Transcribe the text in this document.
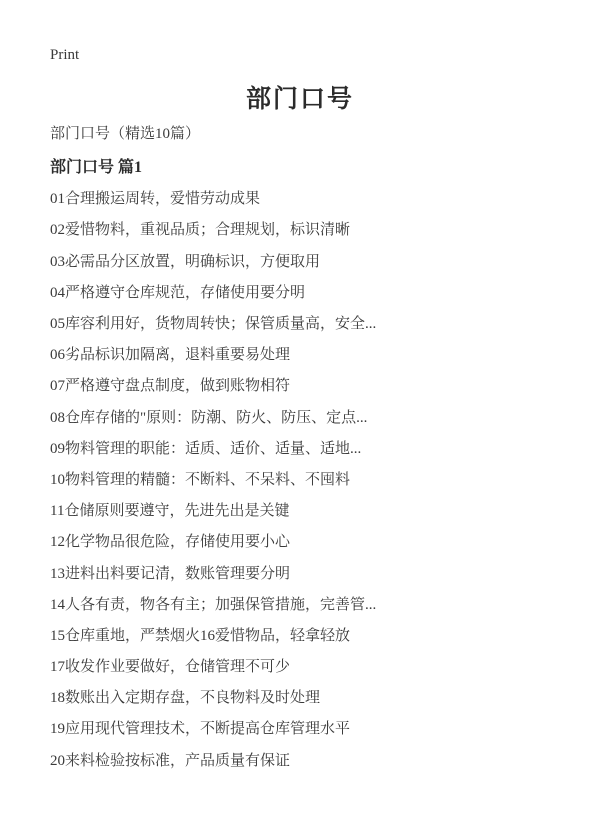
Print
部门口号
部门口号（精选10篇）
部门口号 篇1
01合理搬运周转，爱惜劳动成果
02爱惜物料，重视品质；合理规划，标识清晰
03必需品分区放置，明确标识，方便取用
04严格遵守仓库规范，存储使用要分明
05库容利用好，货物周转快；保管质量高，安全...
06劣品标识加隔离，退料重要易处理
07严格遵守盘点制度，做到账物相符
08仓库存储的"原则：防潮、防火、防压、定点...
09物料管理的职能：适质、适价、适量、适地...
10物料管理的精髓：不断料、不呆料、不囤料
11仓储原则要遵守，先进先出是关键
12化学物品很危险，存储使用要小心
13进料出料要记清，数账管理要分明
14人各有责，物各有主；加强保管措施，完善管...
15仓库重地，严禁烟火16爱惜物品，轻拿轻放
17收发作业要做好，仓储管理不可少
18数账出入定期存盘，不良物料及时处理
19应用现代管理技术，不断提高仓库管理水平
20来料检验按标准，产品质量有保证
